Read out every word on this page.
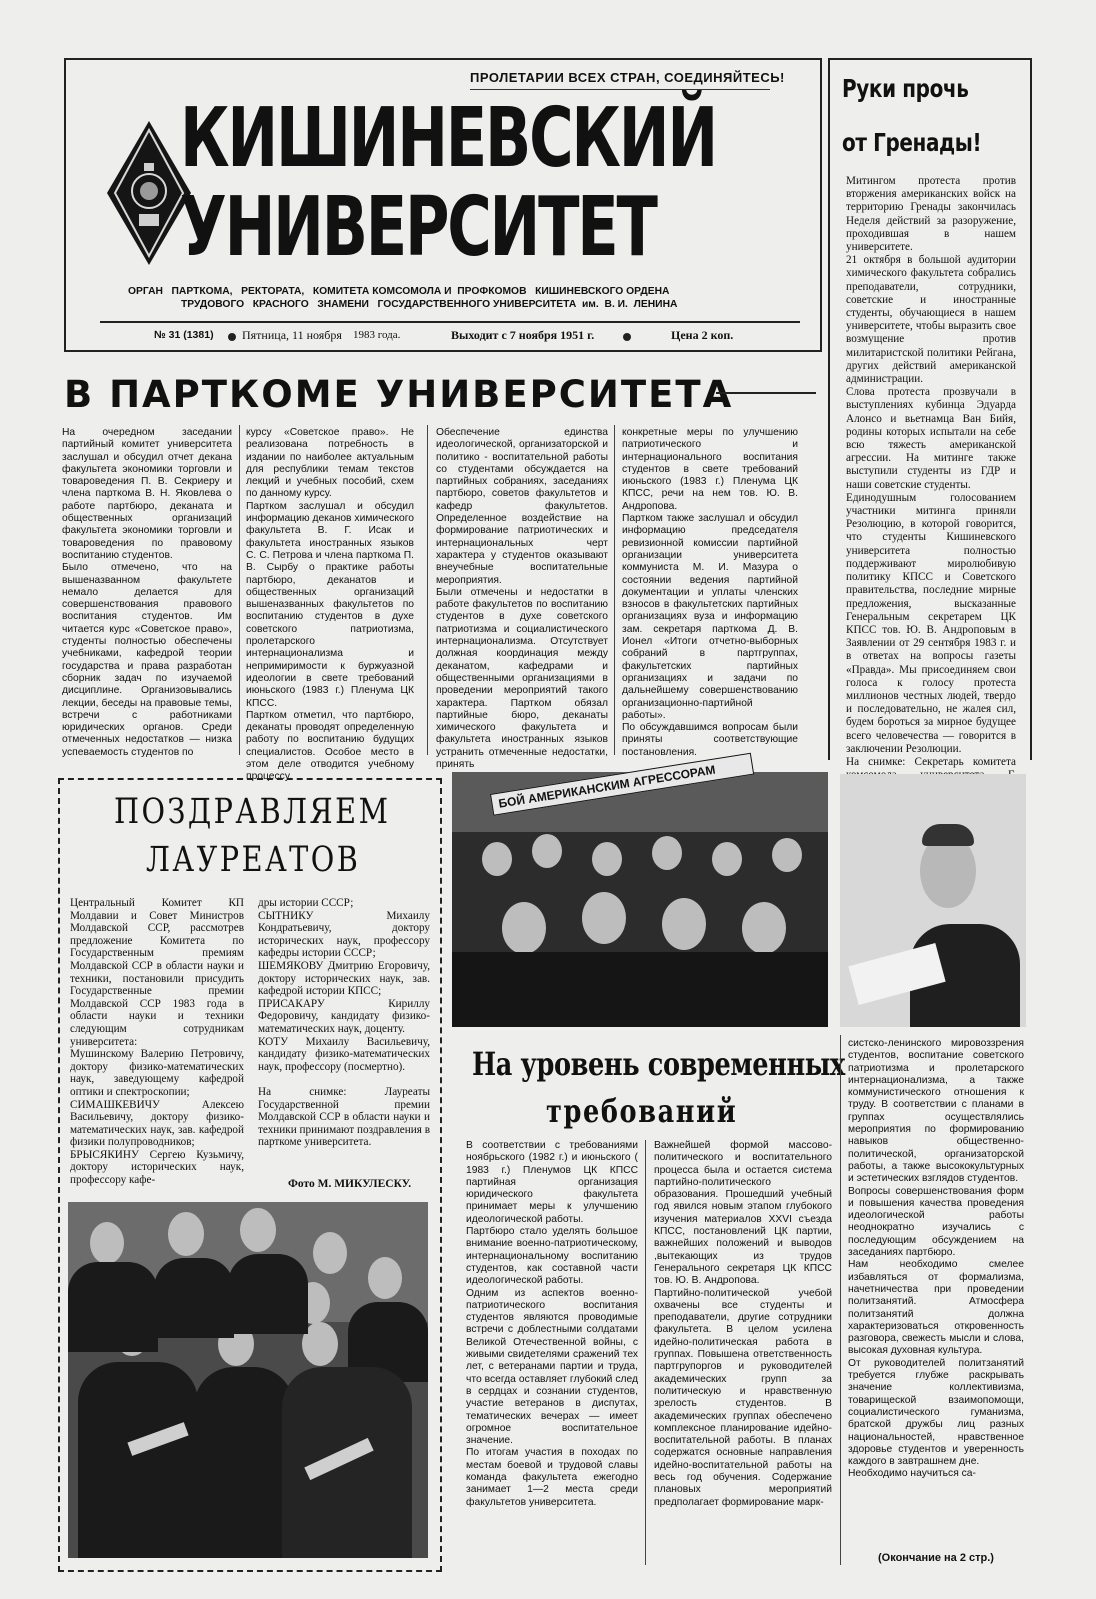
ПРОЛЕТАРИИ ВСЕХ СТРАН, СОЕДИНЯЙТЕСЬ!
КИШИНЕВСКИЙ
УНИВЕРСИТЕТ
ОРГАН   ПАРТКОМА,   РЕКТОРАТА,   КОМИТЕТА КОМСОМОЛА И  ПРОФКОМОВ   КИШИНЕВСКОГО ОРДЕНА
ТРУДОВОГО   КРАСНОГО   ЗНАМЕНИ   ГОСУДАРСТВЕННОГО УНИВЕРСИТЕТА  им.  В. И.  ЛЕНИНА
№ 31 (1381) Пятница, 11 ноября 1983 года.	Выходит с 7 ноября 1951 г.	Цена 2 коп.
Руки прочь
от Гренады!
Митингом протеста против вторжения американских войск на территорию Гренады закончилась Неделя действий за разоружение, проходившая в нашем университете.
21 октября в большой аудитории химического факультета собрались преподаватели, сотрудники, советские и иностранные студенты, обучающиеся в нашем университете, чтобы выразить свое возмущение против милитаристской политики Рейгана, других действий американской администрации.
Слова протеста прозвучали в выступлениях кубинца Эдуарда Алонсо и вьетнамца Ван Бийя, родины которых испытали на себе всю тяжесть американской агрессии. На митинге также выступили студенты из ГДР и наши советские студенты.
Единодушным голосованием участники митинга приняли Резолюцию, в которой говорится, что студенты Кишиневского университета полностью поддерживают миролюбивую политику КПСС и Советского правительства, последние мирные предложения, высказанные Генеральным секретарем ЦК КПСС тов. Ю. В. Андроповым в Заявлении от 29 сентября 1983 г. и в ответах на вопросы газеты «Правда». Мы присоединяем свои голоса к голосу протеста миллионов честных людей, твердо и последовательно, не жалея сил, будем бороться за мирное будущее всего человечества — говорится в заключении Резолюции.
На снимке: Секретарь комитета
В ПАРТКОМЕ УНИВЕРСИТЕТА
На очередном заседании партийный комитет университета заслушал и обсудил отчет декана факультета экономики торговли и товароведения П. В. Секриеру и члена парткома В. Н. Яковлева о работе партбюро, деканата и общественных организаций факультета экономики торговли и товароведения по правовому воспитанию студентов.
Было отмечено, что на вышеназванном факультете немало делается для совершенствования правового воспитания студентов. Им читается курс «Советское право», студенты полностью обеспечены учебниками, кафедрой теории государства и права разработан сборник задач по изучаемой дисциплине. Организовывались лекции, беседы на правовые темы, встречи с работниками юридических органов. Среди отмеченных недостатков — низка успеваемость студентов по
курсу «Советское право». Не реализована потребность в издании по наиболее актуальным для республики темам текстов лекций и учебных пособий, схем по данному курсу.
Партком заслушал и обсудил информацию деканов химического факультета В. Г. Исак и факультета иностранных языков С. С. Петрова и члена парткома П. В. Сырбу о практике работы партбюро, деканатов и общественных организаций вышеназванных факультетов по воспитанию студентов в духе советского патриотизма, пролетарского интернационализма и непримиримости к буржуазной идеологии в свете требований июньского (1983 г.) Пленума ЦК КПСС.
Партком отметил, что партбюро, деканаты проводят определенную работу по воспитанию будущих специалистов. Особое место в этом деле отводится учебному процессу.
Обеспечение единства идеологической, организаторской и политико - воспитательной работы со студентами обсуждается на партийных собраниях, заседаниях партбюро, советов факультетов и кафедр факультетов. Определенное воздействие на формирование патриотических и интернациональных черт характера у студентов оказывают внеучебные воспитательные мероприятия.
Были отмечены и недостатки в работе факультетов по воспитанию студентов в духе советского патриотизма и социалистического интернационализма. Отсутствует должная координация между деканатом, кафедрами и общественными организациями в проведении мероприятий такого характера. Партком обязал партийные бюро, деканаты химического факультета и факультета иностранных языков устранить отмеченные недостатки, принять
конкретные меры по улучшению патриотического и интернационального воспитания студентов в свете требований июньского (1983 г.) Пленума ЦК КПСС, речи на нем тов. Ю. В. Андропова.
Партком также заслушал и обсудил информацию председателя ревизионной комиссии партийной организации университета коммуниста М. И. Мазура о состоянии ведения партийной документации и уплаты членских взносов в факультетских партийных организациях вуза и информацию зам. секретаря парткома Д. В. Ионел «Итоги отчетно-выборных собраний в партгруппах, факультетских партийных организациях и задачи по дальнейшему совершенствованию организационно-партийной работы».
По обсуждавшимся вопросам были приняты соответствующие постановления.
ПОЗДРАВЛЯЕМ
ЛАУРЕАТОВ
Центральный Комитет КП Молдавии и Совет Министров Молдавской ССР, рассмотрев предложение Комитета по Государственным премиям Молдавской ССР в области науки и техники, постановили присудить Государственные премии Молдавской ССР 1983 года в области науки и техники следующим сотрудникам университета:
Мушинскому Валерию Петровичу, доктору физико-математических наук, заведующему кафедрой оптики и спектроскопии;
СИМАШКЕВИЧУ Алексею Васильевичу, доктору физико-математических наук, зав. кафедрой физики полупроводников;
БРЫСЯКИНУ Сергею Кузьмичу, доктору исторических наук, профессору кафе-
дры истории СССР;
СЫТНИКУ Михаилу Кондратьевичу, доктору исторических наук, профессору кафедры истории СССР;
ШЕМЯКОВУ Дмитрию Егоровичу, доктору исторических наук, зав. кафедрой истории КПСС;
ПРИСАКАРУ Кириллу Федоровичу, кандидату физико-математических наук, доценту.
КОТУ Михаилу Васильевичу, кандидату физико-математических наук, профессору (посмертно).

На снимке: Лауреаты Государственной премии Молдавской ССР в области науки и техники принимают поздравления в парткоме университета.
Фото М. МИКУЛЕСКУ.
БОЙ АМЕРИКАНСКИМ АГРЕССОРАМ
На уровень современных
требований
В соответствии с требованиями ноябрьского (1982 г.) и июньского ( 1983 г.) Пленумов ЦК КПСС партийная организация юридического факультета принимает меры к улучшению идеологической работы.
Партбюро стало уделять большое внимание военно-патриотическому, интернациональному воспитанию студентов, как составной части идеологической работы.
Одним из аспектов военно-патриотического воспитания студентов являются проводимые встречи с доблестными солдатами Великой Отечественной войны, с живыми свидетелями сражений тех лет, с ветеранами партии и труда, что всегда оставляет глубокий след в сердцах и сознании студентов, участие ветеранов в диспутах, тематических вечерах — имеет огромное воспитательное значение.
По итогам участия в походах по местам боевой и трудовой славы команда факультета ежегодно занимает 1—2 места среди факультетов университета.
Важнейшей формой массово-политического и воспитательного процесса была и остается система партийно-политического образования. Прошедший учебный год явился новым этапом глубокого изучения материалов XXVI съезда КПСС, постановлений ЦК партии, важнейших положений и выводов ,вытекающих из трудов Генерального секретаря ЦК КПСС тов. Ю. В. Андропова.
Партийно-политической учебой охвачены все студенты и преподаватели, другие сотрудники факультета. В целом усилена идейно-политическая работа в группах. Повышена ответственность партгрупоргов и руководителей академических групп за политическую и нравственную зрелость студентов. В академических группах обеспечено комплексное планирование идейно-воспитательной работы. В планах содержатся основные направления идейно-воспитательной работы на весь год обучения. Содержание плановых мероприятий предполагает формирование марк-
систско-ленинского мировоззрения студентов, воспитание советского патриотизма и пролетарского интернационализма, а также коммунистического отношения к труду. В соответствии с планами в группах осуществлялись мероприятия по формированию навыков общественно-политической, организаторской работы, а также высококультурных и эстетических взглядов студентов.
Вопросы совершенствования форм и повышения качества проведения идеологической работы неоднократно изучались с последующим обсуждением на заседаниях партбюро.
Нам необходимо смелее избавляться от формализма, начетничества при проведении политзанятий. Атмосфера политзанятий должна характеризоваться откровенность разговора, свежесть мысли и слова, высокая духовная культура.
От руководителей политзанятий требуется глубже раскрывать значение коллективизма, товарищеской взаимопомощи, социалистического гуманизма, братской дружбы лиц разных национальностей, нравственное здоровье студентов и уверенность каждого в завтрашнем дне.
Необходимо научиться са-
(Окончание на 2 стр.)
